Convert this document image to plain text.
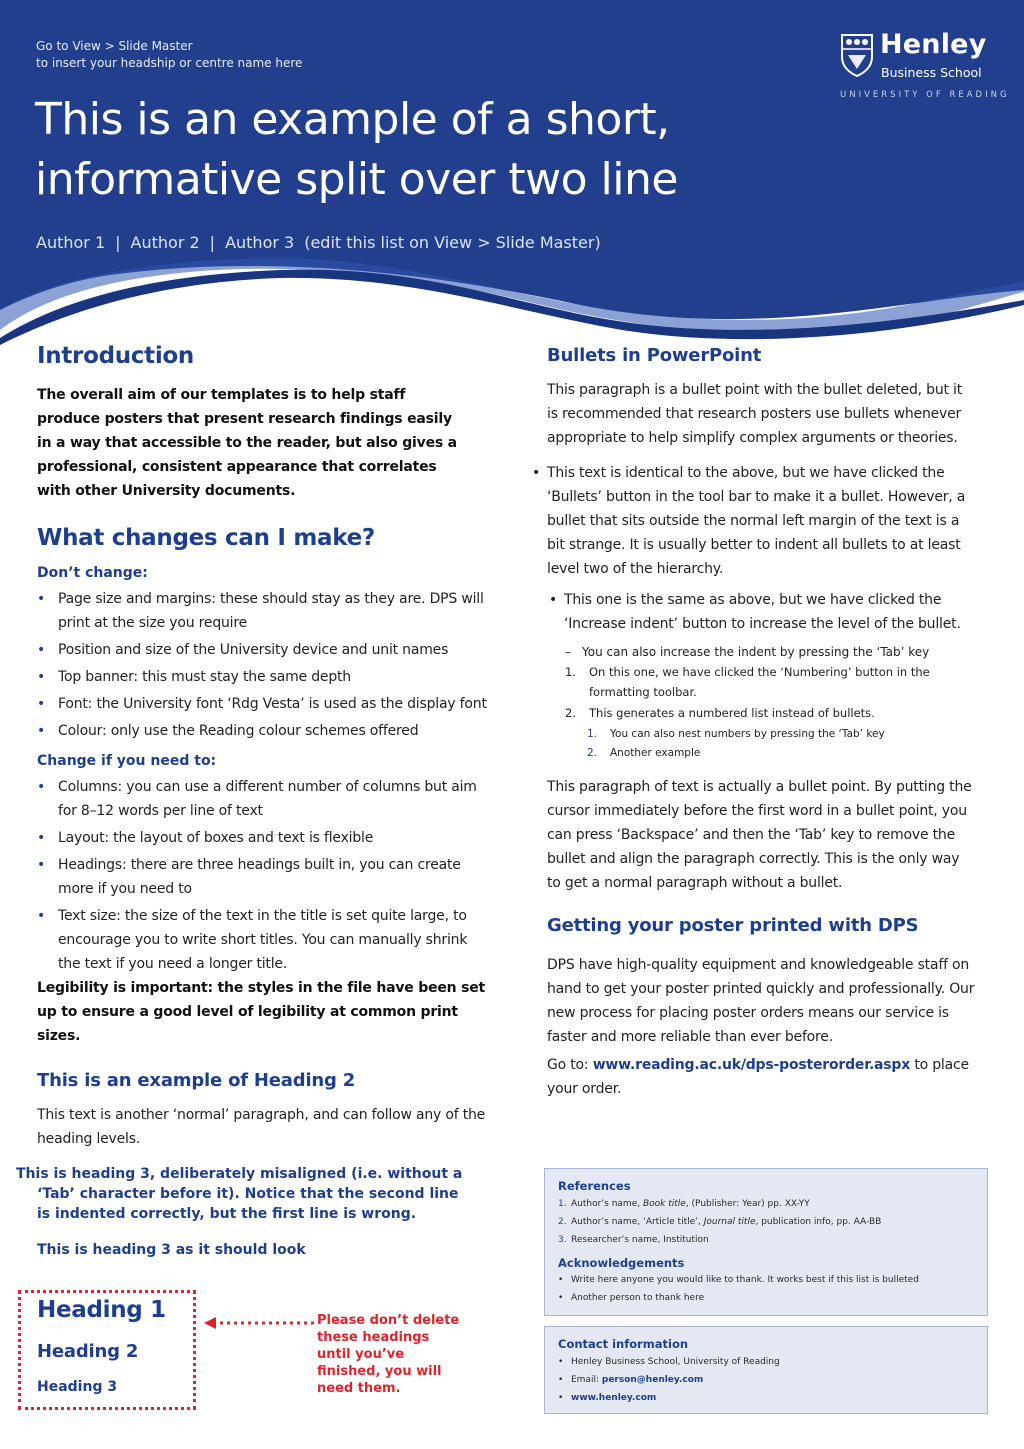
Go to View > Slide Master
to insert your headship or centre name here
This is an example of a short,
informative split over two line
Author 1 | Author 2 | Author 3 (edit this list on View > Slide Master)
Henley
Business School
UNIVERSITY OF READING
Introduction

The overall aim of our templates is to help staff produce posters that present research findings easily in a way that accessible to the reader, but also gives a professional, consistent appearance that correlates with other University documents.

What changes can I make?
Don’t change:
• Page size and margins: these should stay as they are. DPS will print at the size you require
• Position and size of the University device and unit names
• Top banner: this must stay the same depth
• Font: the University font ‘Rdg Vesta’ is used as the display font
• Colour: only use the Reading colour schemes offered
Change if you need to:
• Columns: you can use a different number of columns but aim for 8–12 words per line of text
• Layout: the layout of boxes and text is flexible
• Headings: there are three headings built in, you can create more if you need to
• Text size: the size of the text in the title is set quite large, to encourage you to write short titles. You can manually shrink the text if you need a longer title.

Legibility is important: the styles in the file have been set up to ensure a good level of legibility at common print sizes.

This is an example of Heading 2

This text is another ‘normal’ paragraph, and can follow any of the heading levels.

This is heading 3, deliberately misaligned (i.e. without a ‘Tab’ character before it). Notice that the second line is indented correctly, but the first line is wrong.
This is heading 3 as it should look
Heading 1
Heading 2
Heading 3
Please don’t delete these headings until you’ve finished, you will need them.
Bullets in PowerPoint

This paragraph is a bullet point with the bullet deleted, but it is recommended that research posters use bullets whenever appropriate to help simplify complex arguments or theories.

• This text is identical to the above, but we have clicked the ‘Bullets’ button in the tool bar to make it a bullet. However, a bullet that sits outside the normal left margin of the text is a bit strange. It is usually better to indent all bullets to at least level two of the hierarchy.

• This one is the same as above, but we have clicked the ‘Increase indent’ button to increase the level of the bullet.

– You can also increase the indent by pressing the ‘Tab’ key
1. On this one, we have clicked the ‘Numbering’ button in the formatting toolbar.
2. This generates a numbered list instead of bullets.
1. You can also nest numbers by pressing the ‘Tab’ key
2. Another example

This paragraph of text is actually a bullet point. By putting the cursor immediately before the first word in a bullet point, you can press ‘Backspace’ and then the ‘Tab’ key to remove the bullet and align the paragraph correctly. This is the only way to get a normal paragraph without a bullet.

Getting your poster printed with DPS

DPS have high-quality equipment and knowledgeable staff on hand to get your poster printed quickly and professionally. Our new process for placing poster orders means our service is faster and more reliable than ever before.

Go to: www.reading.ac.uk/dps-posterorder.aspx to place your order.

References
1. Author’s name, Book title, (Publisher: Year) pp. XX-YY
2. Author’s name, ‘Article title’, Journal title, publication info, pp. AA-BB
3. Researcher’s name, Institution
Acknowledgements
• Write here anyone you would like to thank. It works best if this list is bulleted
• Another person to thank here
Contact information
• Henley Business School, University of Reading
• Email: person@henley.com
• www.henley.com
